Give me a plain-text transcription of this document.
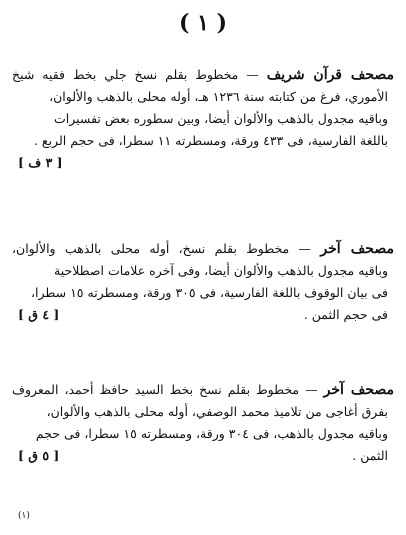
( ١ )
مصحف قرآن شريف — مخطوط بقلم نسخ جلي بخط فقيه شيخ
الأموري، فرغ من كتابته سنة ١٢٣٦ هـ، أوله محلى بالذهب والألوان،
وباقيه مجدول بالذهب والألوان أيضا، وبين سطوره بعض تفسيرات
باللغة الفارسية، فى ٤٣٣ ورقة، ومسطرته ١١ سطرا، فى حجم الربع .
[ ٣ ف ]
مصحف آخر — مخطوط بقلم نسخ، أوله محلى بالذهب والألوان،
وباقيه مجدول بالذهب والألوان أيضا، وفى آخره علامات اصطلاحية
فى بيان الوقوف باللغة الفارسية، فى ٣٠٥ ورقة، ومسطرته ١٥ سطرا،
فى حجم الثمن .
[ ٤ ق ]
مصحف آخر — مخطوط بقلم نسخ بخط السيد حافظ أحمد، المعروف
بفرق أغاجى من تلاميذ محمد الوصفي، أوله محلى بالذهب والألوان،
وباقيه مجدول بالذهب، فى ٣٠٤ ورقة، ومسطرته ١٥ سطرا، فى حجم
الثمن .
[ ٥ ق ]
(١)
